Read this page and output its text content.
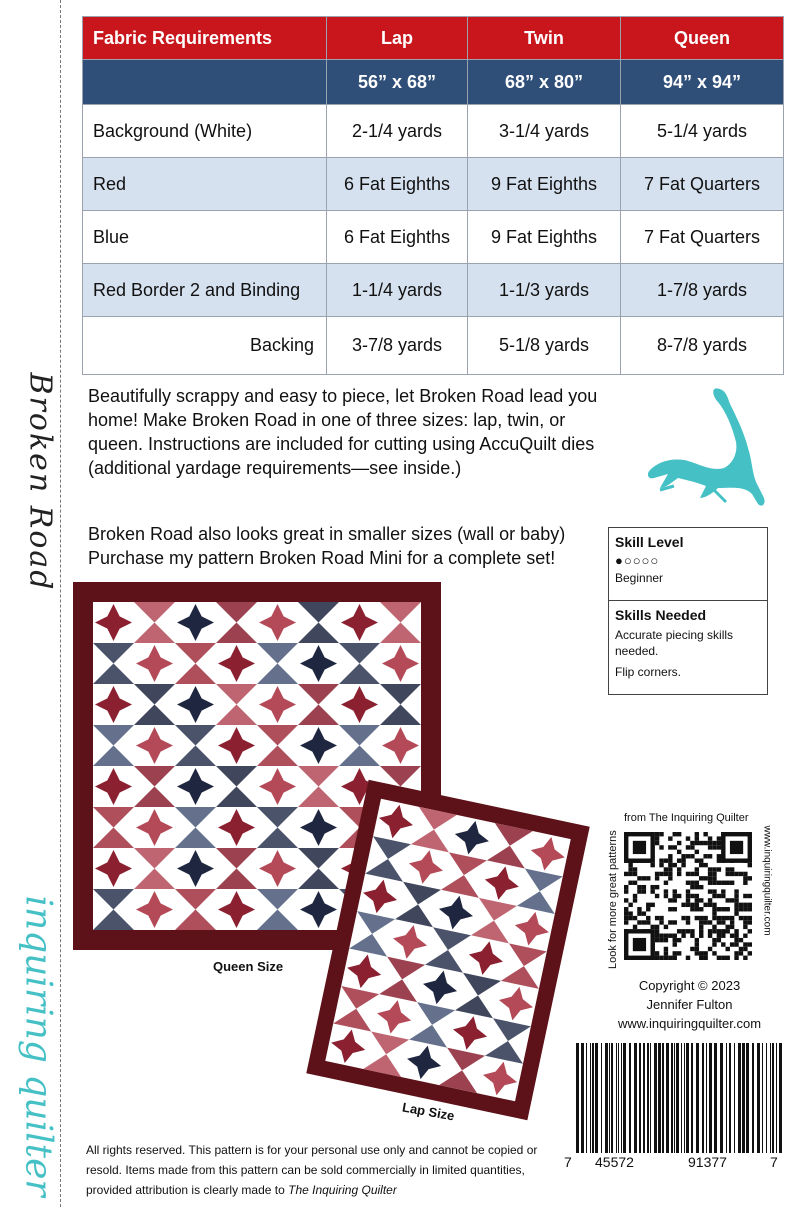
Broken Road
inquiring quilter
Fabric Requirements	Lap	Twin	Queen
	56” x 68”	68” x 80”	94” x 94”
Background (White)	2-1/4 yards	3-1/4 yards	5-1/4 yards
Red	6 Fat Eighths	9 Fat Eighths	7 Fat Quarters
Blue	6 Fat Eighths	9 Fat Eighths	7 Fat Quarters
Red Border 2 and Binding	1-1/4 yards	1-1/3 yards	1-7/8 yards
Backing	3-7/8 yards	5-1/8 yards	8-7/8 yards
Beautifully scrappy and easy to piece, let Broken Road lead you home! Make Broken Road in one of three sizes: lap, twin, or queen. Instructions are included for cutting using AccuQuilt dies (additional yardage requirements—see inside.)
Broken Road also looks great in smaller sizes (wall or baby) Purchase my pattern Broken Road Mini for a complete set!
Skill Level
●○○○○
Beginner
Skills Needed
Accurate piecing skills needed.
Flip corners.
Queen Size
Lap Size
from The Inquiring Quilter
Look for more great patterns	www.inquiringquilter.com
Copyright © 2023
Jennifer Fulton
www.inquiringquilter.com
7 45572	91377	7
All rights reserved. This pattern is for your personal use only and cannot be copied or resold. Items made from this pattern can be sold commercially in limited quantities, provided attribution is clearly made to The Inquiring Quilter
